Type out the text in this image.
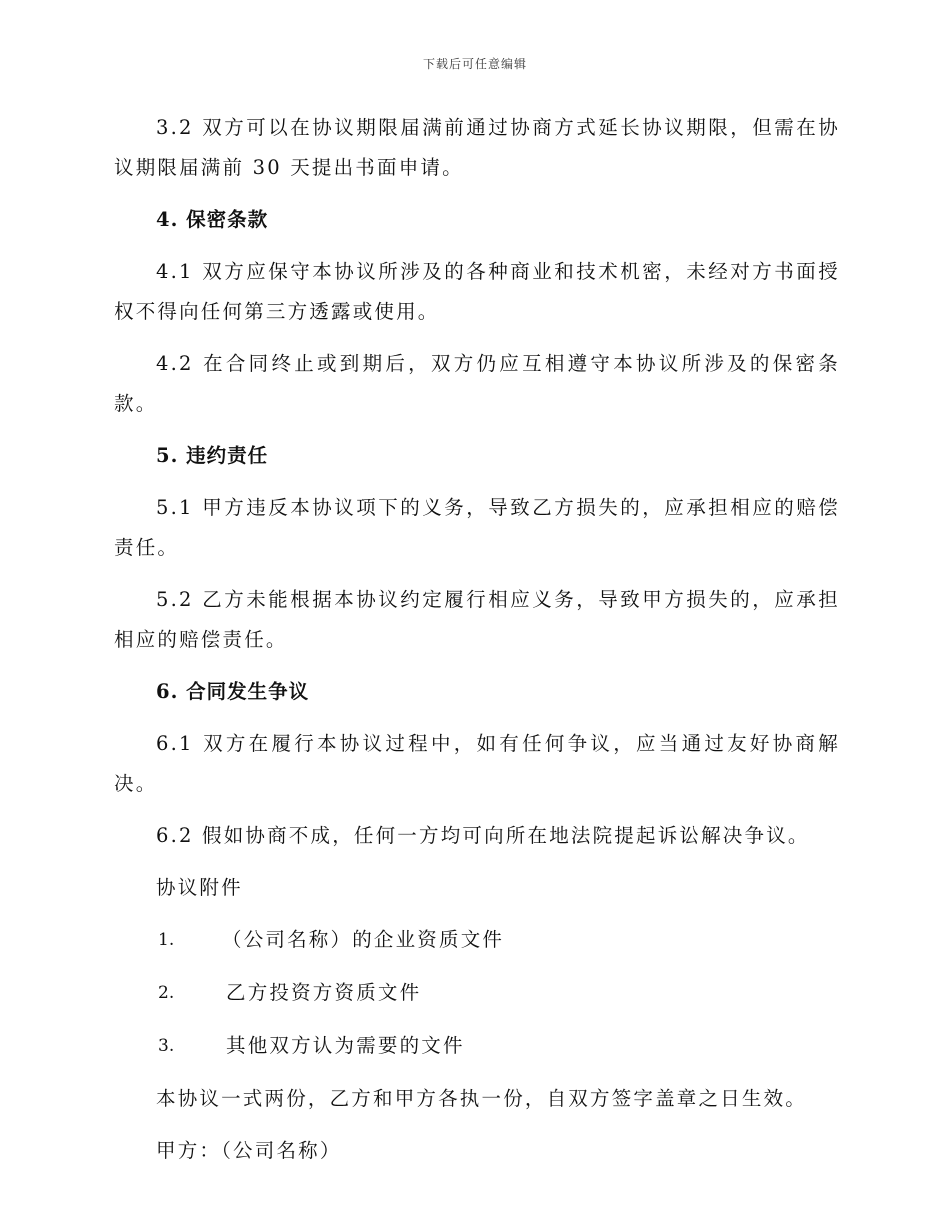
下载后可任意编辑

3.2 双方可以在协议期限届满前通过协商方式延长协议期限，但需在协议期限届满前 30 天提出书面申请。

4. 保密条款

4.1 双方应保守本协议所涉及的各种商业和技术机密，未经对方书面授权不得向任何第三方透露或使用。

4.2 在合同终止或到期后，双方仍应互相遵守本协议所涉及的保密条款。

5. 违约责任

5.1 甲方违反本协议项下的义务，导致乙方损失的，应承担相应的赔偿责任。

5.2 乙方未能根据本协议约定履行相应义务，导致甲方损失的，应承担相应的赔偿责任。

6. 合同发生争议

6.1 双方在履行本协议过程中，如有任何争议，应当通过友好协商解决。

6.2 假如协商不成，任何一方均可向所在地法院提起诉讼解决争议。

协议附件
1.	（公司名称）的企业资质文件
2.	乙方投资方资质文件
3.	其他双方认为需要的文件
本协议一式两份，乙方和甲方各执一份，自双方签字盖章之日生效。
甲方：（公司名称）
